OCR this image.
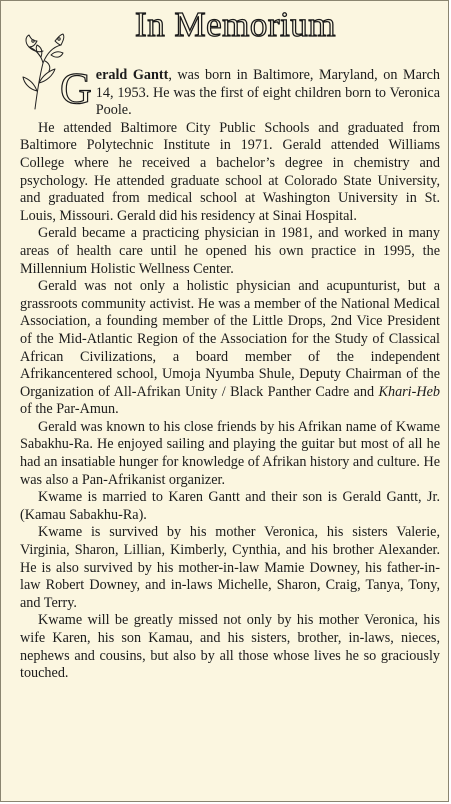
In Memorium

Gerald Gantt, was born in Baltimore, Maryland, on March 14, 1953. He was the first of eight children born to Veronica Poole.

He attended Baltimore City Public Schools and graduated from Baltimore Polytechnic Institute in 1971. Gerald attended Williams College where he received a bachelor’s degree in chemistry and psychology. He attended graduate school at Colorado State University, and graduated from medical school at Washington University in St. Louis, Missouri. Gerald did his residency at Sinai Hospital.

Gerald became a practicing physician in 1981, and worked in many areas of health care until he opened his own practice in 1995, the Millennium Holistic Wellness Center.

Gerald was not only a holistic physician and acupunturist, but a grassroots community activist. He was a member of the National Medical Association, a founding member of the Little Drops, 2nd Vice President of the Mid-Atlantic Region of the Association for the Study of Classical African Civilizations, a board member of the independent Afrikancentered school, Umoja Nyumba Shule, Deputy Chairman of the Organization of All-Afrikan Unity / Black Panther Cadre and Khari-Heb of the Par-Amun.

Gerald was known to his close friends by his Afrikan name of Kwame Sabakhu-Ra. He enjoyed sailing and playing the guitar but most of all he had an insatiable hunger for knowledge of Afrikan history and culture. He was also a Pan-Afrikanist organizer.

Kwame is married to Karen Gantt and their son is Gerald Gantt, Jr. (Kamau Sabakhu-Ra).

Kwame is survived by his mother Veronica, his sisters Valerie, Virginia, Sharon, Lillian, Kimberly, Cynthia, and his brother Alexander. He is also survived by his mother-in-law Mamie Downey, his father-in-law Robert Downey, and in-laws Michelle, Sharon, Craig, Tanya, Tony, and Terry.

Kwame will be greatly missed not only by his mother Veronica, his wife Karen, his son Kamau, and his sisters, brother, in-laws, nieces, nephews and cousins, but also by all those whose lives he so graciously touched.
